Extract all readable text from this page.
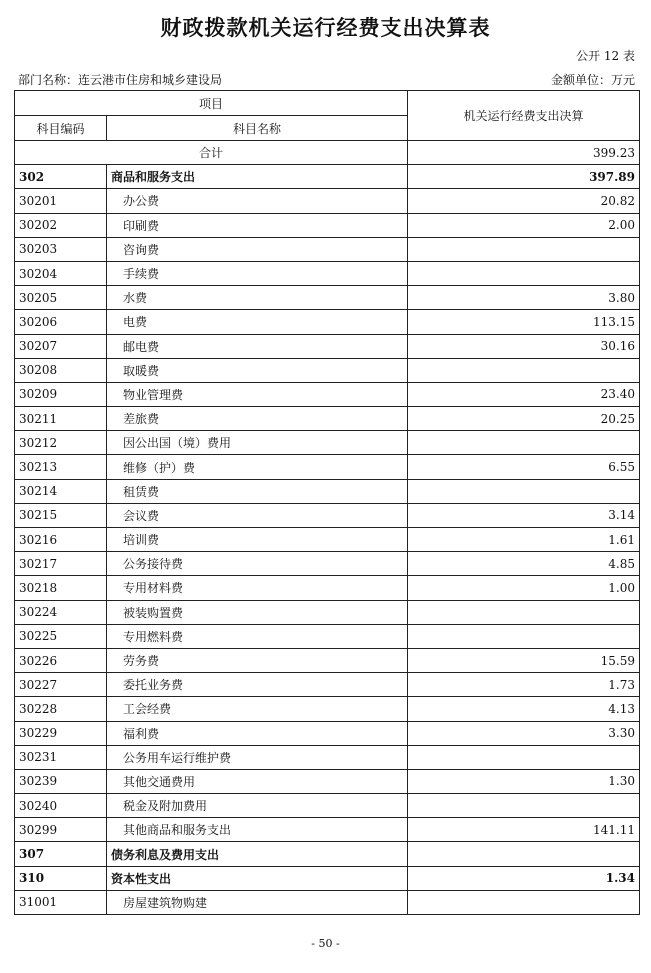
财政拨款机关运行经费支出决算表
公开 12 表
部门名称：连云港市住房和城乡建设局	金额单位：万元
项目		机关运行经费支出决算
科目编码	科目名称	
合计		399.23
302	商品和服务支出	397.89
30201	办公费	20.82
30202	印刷费	2.00
30203	咨询费	
30204	手续费	
30205	水费	3.80
30206	电费	113.15
30207	邮电费	30.16
30208	取暖费	
30209	物业管理费	23.40
30211	差旅费	20.25
30212	因公出国（境）费用	
30213	维修（护）费	6.55
30214	租赁费	
30215	会议费	3.14
30216	培训费	1.61
30217	公务接待费	4.85
30218	专用材料费	1.00
30224	被装购置费	
30225	专用燃料费	
30226	劳务费	15.59
30227	委托业务费	1.73
30228	工会经费	4.13
30229	福利费	3.30
30231	公务用车运行维护费	
30239	其他交通费用	1.30
30240	税金及附加费用	
30299	其他商品和服务支出	141.11
307	债务利息及费用支出	
310	资本性支出	1.34
31001	房屋建筑物购建	
- 50 -
